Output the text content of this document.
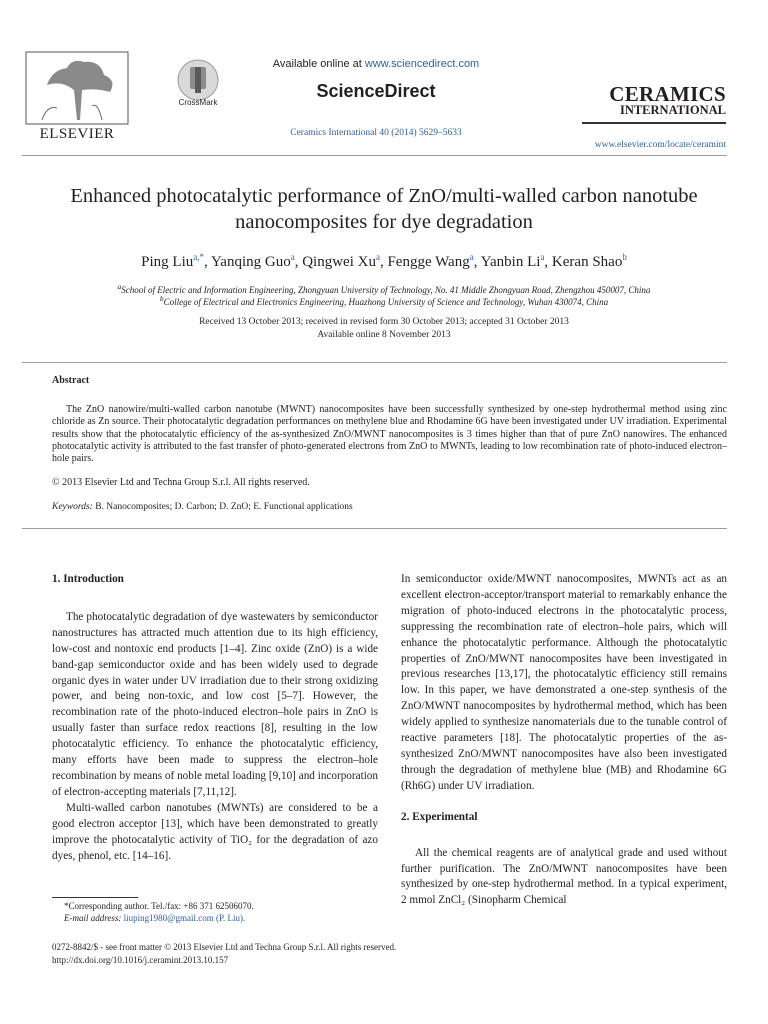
ELSEVIER
CrossMark
Available online at www.sciencedirect.com
ScienceDirect
Ceramics International 40 (2014) 5629–5633
CERAMICS
INTERNATIONAL
www.elsevier.com/locate/ceramint
Enhanced photocatalytic performance of ZnO/multi-walled carbon nanotube
nanocomposites for dye degradation
Ping Liu$^{a,*}$, Yanqing Guo$^a$, Qingwei Xu$^a$, Fengge Wang$^a$, Yanbin Li$^a$, Keran Shao$^b$
$^a$School of Electric and Information Engineering, Zhongyuan University of Technology, No. 41 Middle Zhongyuan Road, Zhengzhou 450007, China
$^b$College of Electrical and Electronics Engineering, Huazhong University of Science and Technology, Wuhan 430074, China
Received 13 October 2013; received in revised form 30 October 2013; accepted 31 October 2013
Available online 8 November 2013
Abstract
The ZnO nanowire/multi-walled carbon nanotube (MWNT) nanocomposites have been successfully synthesized by one-step hydrothermal method using zinc chloride as Zn source. Their photocatalytic degradation performances on methylene blue and Rhodamine 6G have been investigated under UV irradiation. Experimental results show that the photocatalytic efficiency of the as-synthesized ZnO/MWNT nanocomposites is 3 times higher than that of pure ZnO nanowires. The enhanced photocatalytic activity is attributed to the fast transfer of photo-generated electrons from ZnO to MWNTs, leading to low recombination rate of photo-induced electron–hole pairs.
© 2013 Elsevier Ltd and Techna Group S.r.l. All rights reserved.
Keywords: B. Nanocomposites; D. Carbon; D. ZnO; E. Functional applications

1. Introduction

The photocatalytic degradation of dye wastewaters by semiconductor nanostructures has attracted much attention due to its high efficiency, low-cost and nontoxic end products [1–4]. Zinc oxide (ZnO) is a wide band-gap semiconductor oxide and has been widely used to degrade organic dyes in water under UV irradiation due to their strong oxidizing power, and being non-toxic, and low cost [5–7]. However, the recombination rate of the photo-induced electron–hole pairs in ZnO is usually faster than surface redox reactions [8], resulting in the low photocatalytic efficiency. To enhance the photocatalytic efficiency, many efforts have been made to suppress the electron–hole recombination by means of noble metal loading [9,10] and incorporation of electron-accepting materials [7,11,12].

Multi-walled carbon nanotubes (MWNTs) are considered to be a good electron acceptor [13], which have been demonstrated to greatly improve the photocatalytic activity of TiO₂ for the degradation of azo dyes, phenol, etc. [14–16].

In semiconductor oxide/MWNT nanocomposites, MWNTs act as an excellent electron-acceptor/transport material to remarkably enhance the migration of photo-induced electrons in the photocatalytic process, suppressing the recombination rate of electron–hole pairs, which will enhance the photocatalytic performance. Although the photocatalytic properties of ZnO/MWNT nanocomposites have been investigated in previous researches [13,17], the photocatalytic efficiency still remains low. In this paper, we have demonstrated a one-step synthesis of the ZnO/MWNT nanocomposites by hydrothermal method, which has been widely applied to synthesize nanomaterials due to the tunable control of reactive parameters [18]. The photocatalytic properties of the as-synthesized ZnO/MWNT nanocomposites have also been investigated through the degradation of methylene blue (MB) and Rhodamine 6G (Rh6G) under UV irradiation.

2. Experimental

All the chemical reagents are of analytical grade and used without further purification. The ZnO/MWNT nanocomposites have been synthesized by one-step hydrothermal method. In a typical experiment, 2 mmol ZnCl₂ (Sinopharm Chemical

*Corresponding author. Tel./fax: +86 371 62506070.
E-mail address: liuping1980@gmail.com (P. Liu).
0272-8842/$ - see front matter © 2013 Elsevier Ltd and Techna Group S.r.l. All rights reserved.
http://dx.doi.org/10.1016/j.ceramint.2013.10.157
